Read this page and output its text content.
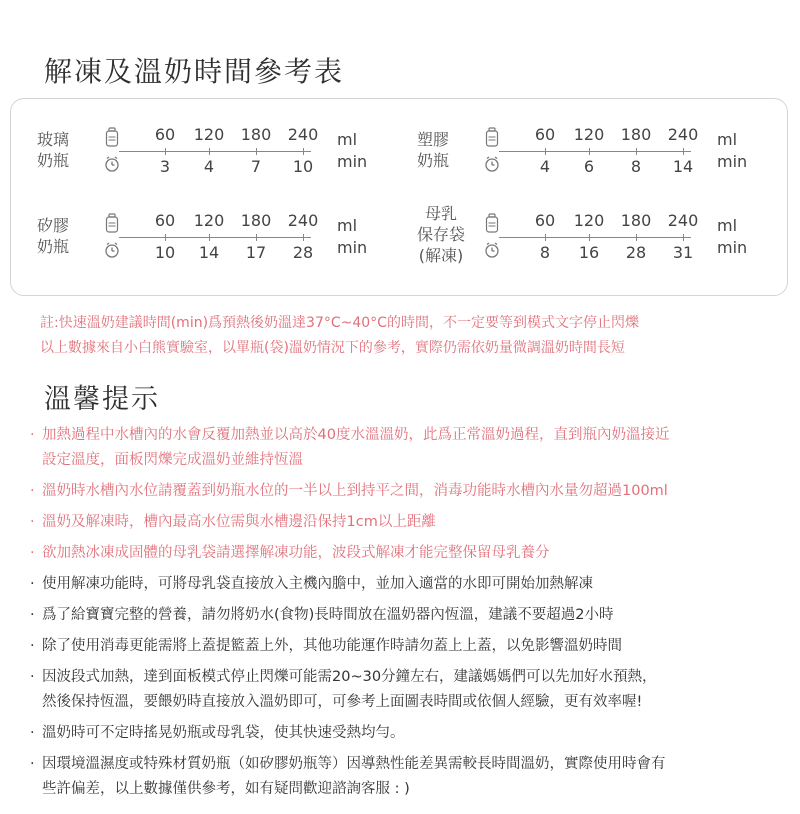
解凍及溫奶時間參考表
玻璃
奶瓶
60
3
120
4
180
7
240
10
ml
min
塑膠
奶瓶
60
4
120
6
180
8
240
14
ml
min
矽膠
奶瓶
60
10
120
14
180
17
240
28
ml
min
母乳
保存袋
(解凍)
60
8
120
16
180
28
240
31
ml
min
註:快速溫奶建議時間(min)爲預熱後奶溫達37°C~40°C的時間，不一定要等到模式文字停止閃爍
以上數據來自小白熊實驗室，以單瓶(袋)溫奶情況下的參考，實際仍需依奶量微調溫奶時間長短
溫馨提示
· 加熱過程中水槽內的水會反覆加熱並以高於40度水溫溫奶，此爲正常溫奶過程，直到瓶內奶溫接近
設定溫度，面板閃爍完成溫奶並維持恆溫
· 溫奶時水槽內水位請覆蓋到奶瓶水位的一半以上到持平之間，消毒功能時水槽內水量勿超過100ml
· 溫奶及解凍時，槽內最高水位需與水槽邊沿保持1cm以上距離
· 欲加熱冰凍成固體的母乳袋請選擇解凍功能，波段式解凍才能完整保留母乳養分
· 使用解凍功能時，可將母乳袋直接放入主機內膽中，並加入適當的水即可開始加熱解凍
· 爲了給寶寶完整的營養，請勿將奶水(食物)長時間放在溫奶器內恆溫，建議不要超過2小時
· 除了使用消毒更能需將上蓋提籃蓋上外，其他功能運作時請勿蓋上上蓋，以免影響溫奶時間
· 因波段式加熱，達到面板模式停止閃爍可能需20~30分鐘左右，建議媽媽們可以先加好水預熱，
然後保持恆溫，要餵奶時直接放入溫奶即可，可參考上面圖表時間或依個人經驗，更有效率喔!
· 溫奶時可不定時搖晃奶瓶或母乳袋，使其快速受熱均勻。
· 因環境溫濕度或特殊材質奶瓶（如矽膠奶瓶等）因導熱性能差異需較長時間溫奶，實際使用時會有
些許偏差，以上數據僅供參考，如有疑問歡迎諮詢客服 : )
